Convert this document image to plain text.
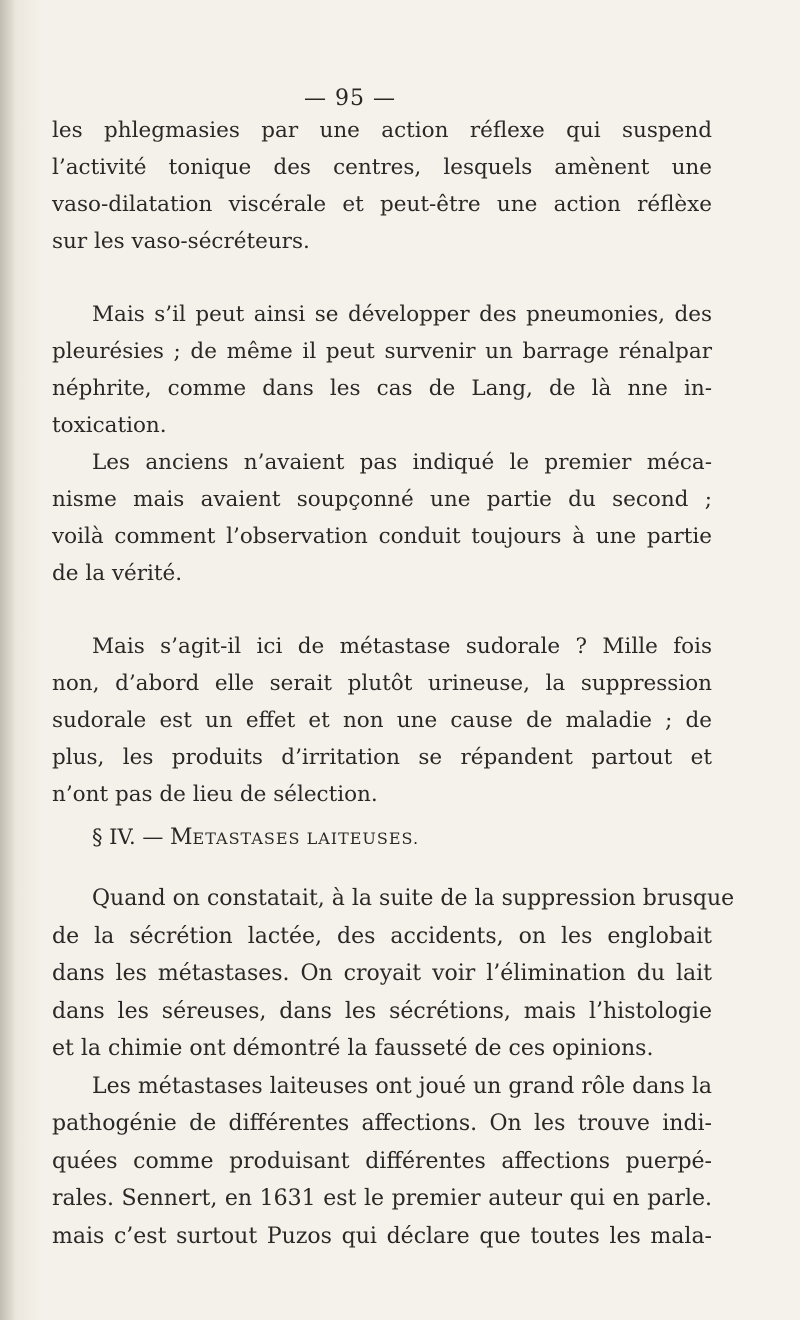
— 95 —
les phlegmasies par une action réflexe qui suspend
l’activité tonique des centres, lesquels amènent une
vaso-dilatation viscérale et peut-être une action réflèxe
sur les vaso-sécréteurs.
Mais s’il peut ainsi se développer des pneumonies, des
pleurésies ; de même il peut survenir un barrage rénalpar
néphrite, comme dans les cas de Lang, de là nne in-
toxication.
Les anciens n’avaient pas indiqué le premier méca-
nisme mais avaient soupçonné une partie du second ;
voilà comment l’observation conduit toujours à une partie
de la vérité.
Mais s’agit-il ici de métastase sudorale ? Mille fois
non, d’abord elle serait plutôt urineuse, la suppression
sudorale est un effet et non une cause de maladie ; de
plus, les produits d’irritation se répandent partout et
n’ont pas de lieu de sélection.
§ IV. — METASTASES LAITEUSES.
Quand on constatait, à la suite de la suppression brusque
de la sécrétion lactée, des accidents, on les englobait
dans les métastases. On croyait voir l’élimination du lait
dans les séreuses, dans les sécrétions, mais l’histologie
et la chimie ont démontré la fausseté de ces opinions.
Les métastases laiteuses ont joué un grand rôle dans la
pathogénie de différentes affections. On les trouve indi-
quées comme produisant différentes affections puerpé-
rales. Sennert, en 1631 est le premier auteur qui en parle.
mais c’est surtout Puzos qui déclare que toutes les mala-
